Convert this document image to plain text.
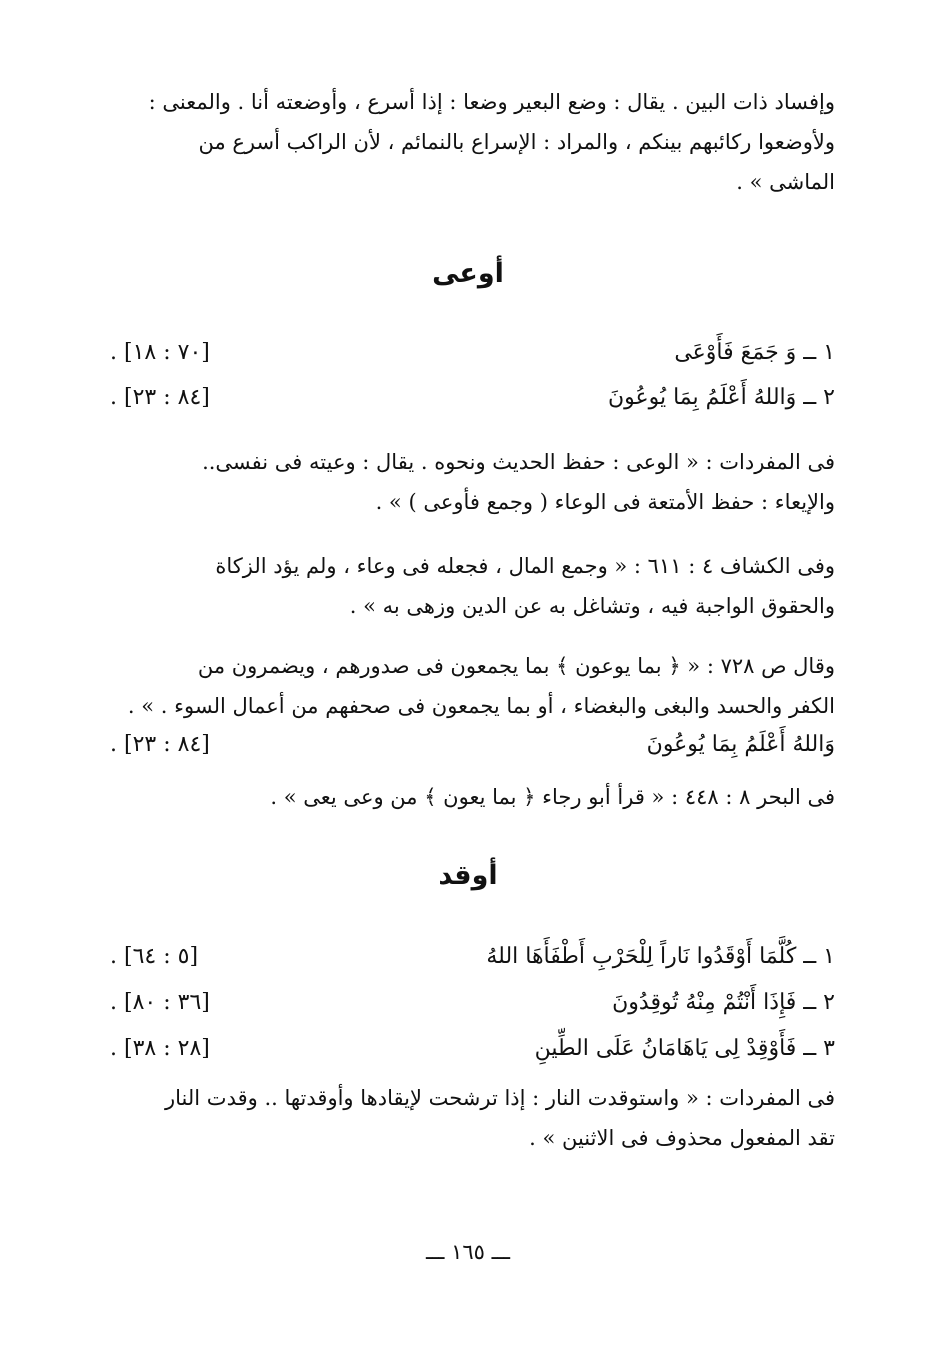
وإفساد ذات البين . يقال : وضع البعير وضعا : إذا أسرع ، وأوضعته أنا . والمعنى :
ولأوضعوا ركائبهم بينكم ، والمراد : الإسراع بالنمائم ، لأن الراكب أسرع من
الماشى » .
أوعى
١ ــ وَ جَمَعَ فَأَوْعَى
[٧٠ : ١٨] .
٢ ــ وَاللهُ أَعْلَمُ بِمَا يُوعُونَ
[٨٤ : ٢٣] .
فى المفردات : « الوعى : حفظ الحديث ونحوه . يقال : وعيته فى نفسى..
والإيعاء : حفظ الأمتعة فى الوعاء ( وجمع فأوعى ) » .
وفى الكشاف ٤ : ٦١١ : « وجمع المال ، فجعله فى وعاء ، ولم يؤد الزكاة
والحقوق الواجبة فيه ، وتشاغل به عن الدين وزهى به » .
وقال ص ٧٢٨ : « ﴿ بما يوعون ﴾ بما يجمعون فى صدورهم ، ويضمرون من
الكفر والحسد والبغى والبغضاء ، أو بما يجمعون فى صحفهم من أعمال السوء . » .
وَاللهُ أَعْلَمُ بِمَا يُوعُونَ
[٨٤ : ٢٣] .
فى البحر ٨ : ٤٤٨ : « قرأ أبو رجاء ﴿ بما يعون ﴾ من وعى يعى » .
أوقد
١ ــ كُلَّمَا أَوْقَدُوا نَاراً لِلْحَرْبِ أَطْفَأَهَا اللهُ
[٥ : ٦٤] .
٢ ــ فَإِذَا أَنْتُمْ مِنْهُ تُوقِدُونَ
[٣٦ : ٨٠] .
٣ ــ فَأَوْقِدْ لِى يَاهَامَانُ عَلَى الطِّينِ
[٢٨ : ٣٨] .
فى المفردات : « واستوقدت النار : إذا ترشحت لإيقادها وأوقدتها .. وقدت النار
تقد المفعول محذوف فى الاثنين » .
ـــ ١٦٥ ـــ
